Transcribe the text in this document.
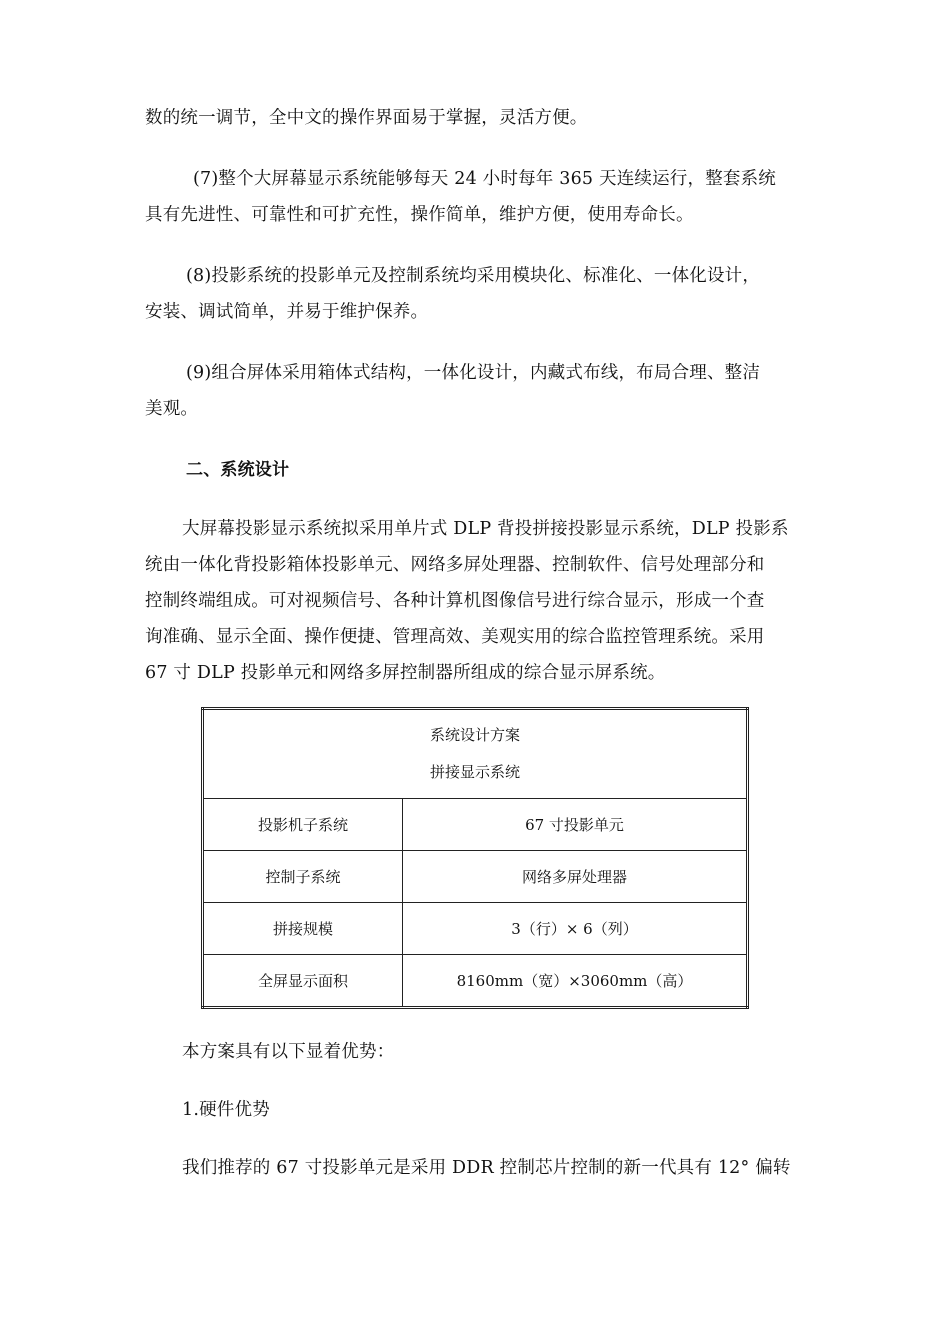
数的统一调节，全中文的操作界面易于掌握，灵活方便。
(7)整个大屏幕显示系统能够每天 24 小时每年 365 天连续运行，整套系统
具有先进性、可靠性和可扩充性，操作简单，维护方便，使用寿命长。
(8)投影系统的投影单元及控制系统均采用模块化、标准化、一体化设计，
安装、调试简单，并易于维护保养。
(9)组合屏体采用箱体式结构，一体化设计，内藏式布线，布局合理、整洁
美观。
二、系统设计
大屏幕投影显示系统拟采用单片式 DLP 背投拼接投影显示系统，DLP 投影系
统由一体化背投影箱体投影单元、网络多屏处理器、控制软件、信号处理部分和
控制终端组成。可对视频信号、各种计算机图像信号进行综合显示，形成一个查
询准确、显示全面、操作便捷、管理高效、美观实用的综合监控管理系统。采用
67 寸 DLP 投影单元和网络多屏控制器所组成的综合显示屏系统。
系统设计方案
拼接显示系统	

投影机子系统	67 寸投影单元
控制子系统	网络多屏处理器
拼接规模	3（行）× 6（列）
全屏显示面积	8160mm（宽）×3060mm（高）
本方案具有以下显着优势：
1.硬件优势
我们推荐的 67 寸投影单元是采用 DDR 控制芯片控制的新一代具有 12° 偏转
